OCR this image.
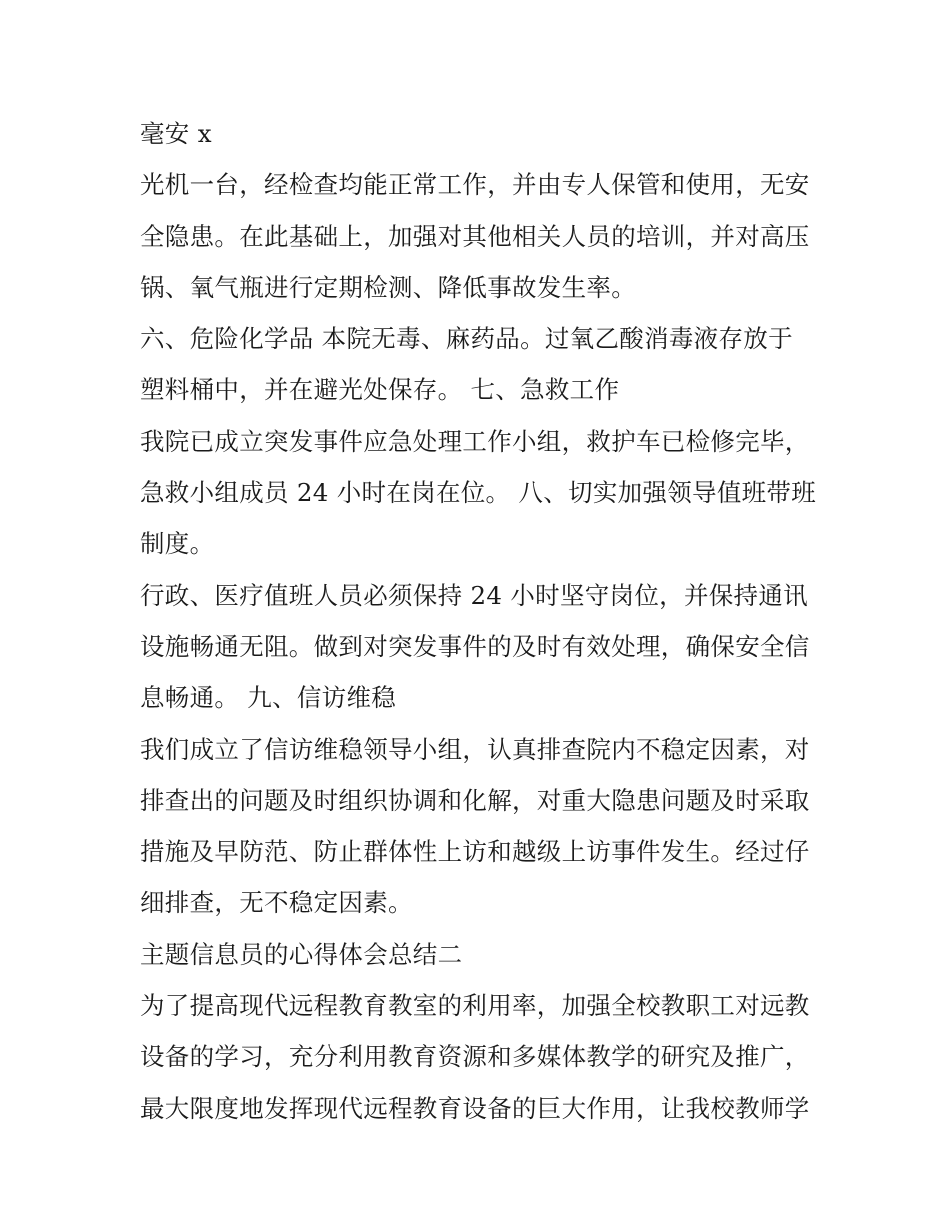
毫安 x
光机一台，经检查均能正常工作，并由专人保管和使用，无安
全隐患。在此基础上，加强对其他相关人员的培训，并对高压
锅、氧气瓶进行定期检测、降低事故发生率。
六、危险化学品 本院无毒、麻药品。过氧乙酸消毒液存放于
塑料桶中，并在避光处保存。 七、急救工作
我院已成立突发事件应急处理工作小组，救护车已检修完毕，
急救小组成员 24 小时在岗在位。 八、切实加强领导值班带班
制度。
行政、医疗值班人员必须保持 24 小时坚守岗位，并保持通讯
设施畅通无阻。做到对突发事件的及时有效处理，确保安全信
息畅通。 九、信访维稳
我们成立了信访维稳领导小组，认真排查院内不稳定因素，对
排查出的问题及时组织协调和化解，对重大隐患问题及时采取
措施及早防范、防止群体性上访和越级上访事件发生。经过仔
细排查，无不稳定因素。
主题信息员的心得体会总结二
为了提高现代远程教育教室的利用率，加强全校教职工对远教
设备的学习，充分利用教育资源和多媒体教学的研究及推广，
最大限度地发挥现代远程教育设备的巨大作用，让我校教师学
